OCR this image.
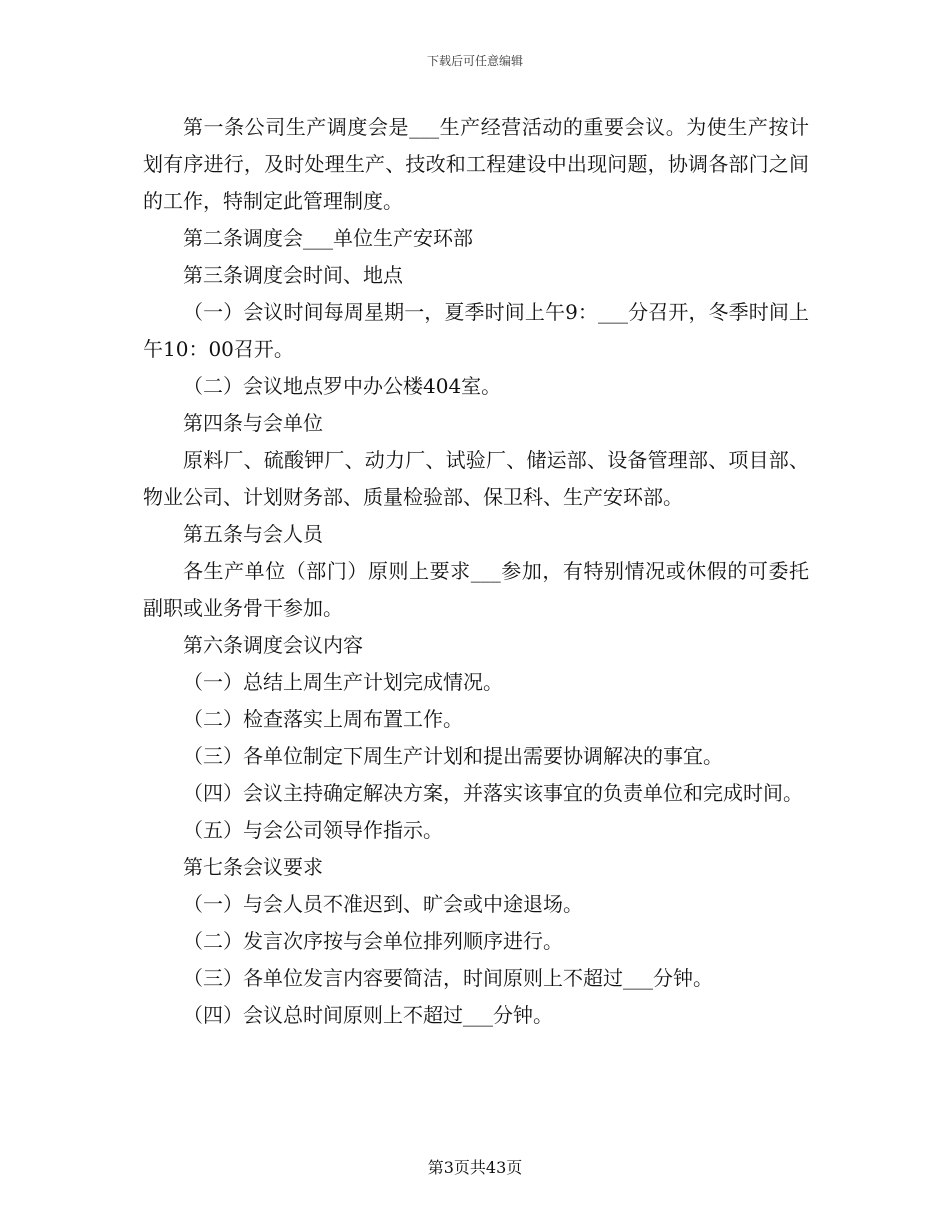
下载后可任意编辑

第一条公司生产调度会是___生产经营活动的重要会议。为使生产按计划有序进行，及时处理生产、技改和工程建设中出现问题，协调各部门之间的工作，特制定此管理制度。

第二条调度会___单位生产安环部

第三条调度会时间、地点

（一）会议时间每周星期一，夏季时间上午9：___分召开，冬季时间上午10：00召开。

（二）会议地点罗中办公楼404室。

第四条与会单位

原料厂、硫酸钾厂、动力厂、试验厂、储运部、设备管理部、项目部、物业公司、计划财务部、质量检验部、保卫科、生产安环部。

第五条与会人员

各生产单位（部门）原则上要求___参加，有特别情况或休假的可委托副职或业务骨干参加。

第六条调度会议内容

（一）总结上周生产计划完成情况。

（二）检查落实上周布置工作。

（三）各单位制定下周生产计划和提出需要协调解决的事宜。

（四）会议主持确定解决方案，并落实该事宜的负责单位和完成时间。

（五）与会公司领导作指示。

第七条会议要求

（一）与会人员不准迟到、旷会或中途退场。

（二）发言次序按与会单位排列顺序进行。

（三）各单位发言内容要简洁，时间原则上不超过___分钟。

（四）会议总时间原则上不超过___分钟。

第3页共43页
